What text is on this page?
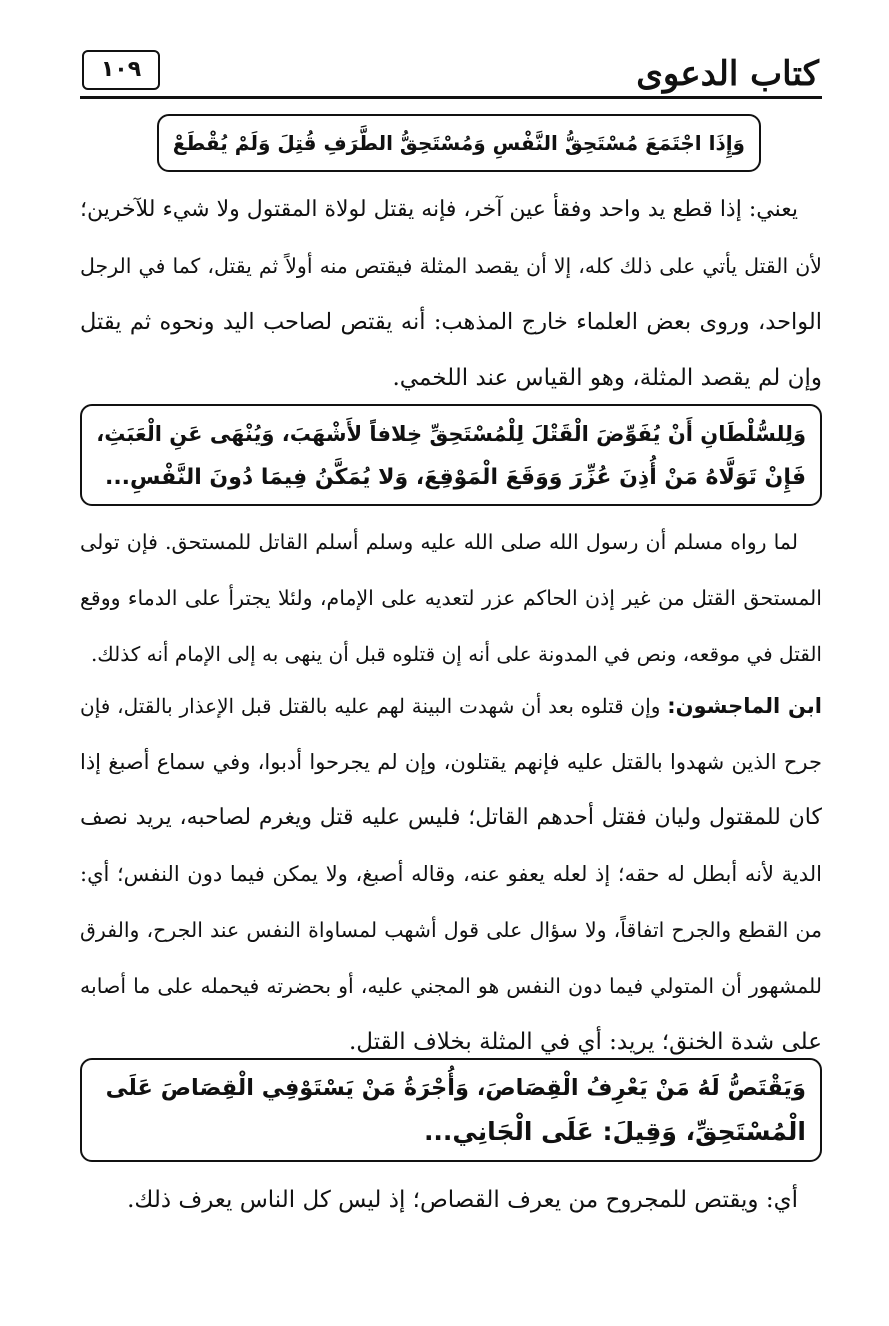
كتاب الدعوى
١٠٩
وَإِذَا اجْتَمَعَ مُسْتَحِقُّ النَّفْسِ وَمُسْتَحِقُّ الطَّرَفِ قُتِلَ وَلَمْ يُقْطَعْ
يعني: إذا قطع يد واحد وفقأ عين آخر، فإنه يقتل لولاة المقتول ولا شيء للآخرين؛
لأن القتل يأتي على ذلك كله، إلا أن يقصد المثلة فيقتص منه أولاً ثم يقتل، كما في الرجل
الواحد، وروى بعض العلماء خارج المذهب: أنه يقتص لصاحب اليد ونحوه ثم يقتل
وإن لم يقصد المثلة، وهو القياس عند اللخمي.
وَلِلسُّلْطَانِ أَنْ يُفَوِّضَ الْقَتْلَ لِلْمُسْتَحِقِّ خِلافاً لأَشْهَبَ، وَيُنْهَى عَنِ الْعَبَثِ،
فَإِنْ تَوَلَّاهُ مَنْ أُذِنَ عُزِّرَ وَوَقَعَ الْمَوْقِعَ، وَلا يُمَكَّنُ فِيمَا دُونَ النَّفْسِ...
لما رواه مسلم أن رسول الله صلى الله عليه وسلم أسلم القاتل للمستحق. فإن تولى
المستحق القتل من غير إذن الحاكم عزر لتعديه على الإمام، ولئلا يجترأ على الدماء ووقع
القتل في موقعه، ونص في المدونة على أنه إن قتلوه قبل أن ينهى به إلى الإمام أنه كذلك.
ابن الماجشون: وإن قتلوه بعد أن شهدت البينة لهم عليه بالقتل قبل الإعذار بالقتل، فإن
جرح الذين شهدوا بالقتل عليه فإنهم يقتلون، وإن لم يجرحوا أدبوا، وفي سماع أصبغ إذا
كان للمقتول وليان فقتل أحدهم القاتل؛ فليس عليه قتل ويغرم لصاحبه، يريد نصف
الدية لأنه أبطل له حقه؛ إذ لعله يعفو عنه، وقاله أصبغ، ولا يمكن فيما دون النفس؛ أي:
من القطع والجرح اتفاقاً، ولا سؤال على قول أشهب لمساواة النفس عند الجرح، والفرق
للمشهور أن المتولي فيما دون النفس هو المجني عليه، أو بحضرته فيحمله على ما أصابه
على شدة الخنق؛ يريد: أي في المثلة بخلاف القتل.
وَيَقْتَصُّ لَهُ مَنْ يَعْرِفُ الْقِصَاصَ، وَأُجْرَةُ مَنْ يَسْتَوْفِي الْقِصَاصَ عَلَى
الْمُسْتَحِقِّ، وَقِيلَ: عَلَى الْجَانِي...
أي: ويقتص للمجروح من يعرف القصاص؛ إذ ليس كل الناس يعرف ذلك.
